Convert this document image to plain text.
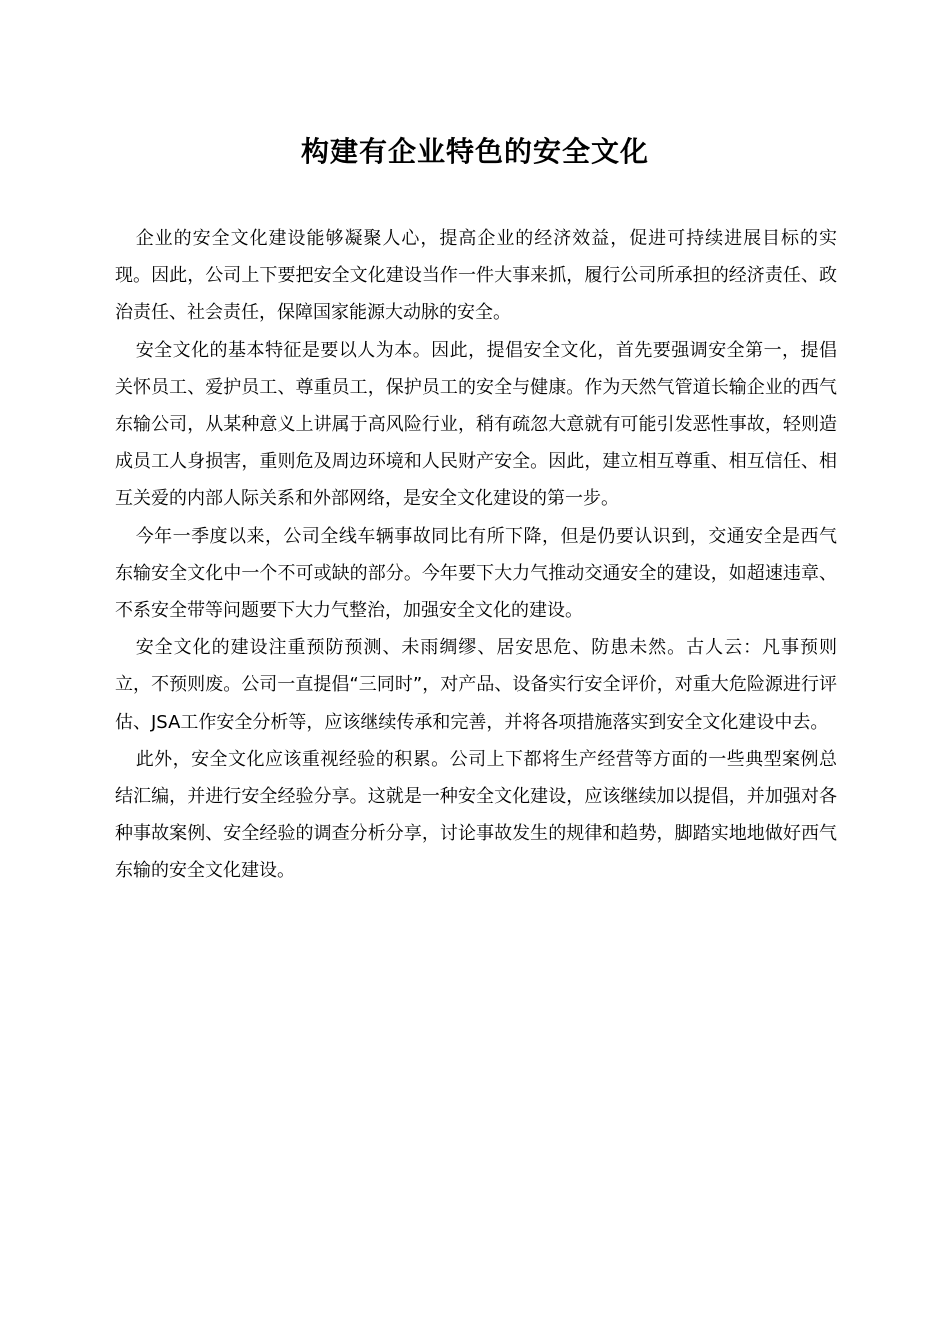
构建有企业特色的安全文化

企业的安全文化建设能够凝聚人心，提高企业的经济效益，促进可持续进展目标的实现。因此，公司上下要把安全文化建设当作一件大事来抓，履行公司所承担的经济责任、政治责任、社会责任，保障国家能源大动脉的安全。

安全文化的基本特征是要以人为本。因此，提倡安全文化，首先要强调安全第一，提倡关怀员工、爱护员工、尊重员工，保护员工的安全与健康。作为天然气管道长输企业的西气东输公司，从某种意义上讲属于高风险行业，稍有疏忽大意就有可能引发恶性事故，轻则造成员工人身损害，重则危及周边环境和人民财产安全。因此，建立相互尊重、相互信任、相互关爱的内部人际关系和外部网络，是安全文化建设的第一步。

今年一季度以来，公司全线车辆事故同比有所下降，但是仍要认识到，交通安全是西气东输安全文化中一个不可或缺的部分。今年要下大力气推动交通安全的建设，如超速违章、不系安全带等问题要下大力气整治，加强安全文化的建设。

安全文化的建设注重预防预测、未雨绸缪、居安思危、防患未然。古人云：凡事预则立，不预则废。公司一直提倡“三同时”，对产品、设备实行安全评价，对重大危险源进行评估、JSA工作安全分析等，应该继续传承和完善，并将各项措施落实到安全文化建设中去。

此外，安全文化应该重视经验的积累。公司上下都将生产经营等方面的一些典型案例总结汇编，并进行安全经验分享。这就是一种安全文化建设，应该继续加以提倡，并加强对各种事故案例、安全经验的调查分析分享，讨论事故发生的规律和趋势，脚踏实地地做好西气东输的安全文化建设。
